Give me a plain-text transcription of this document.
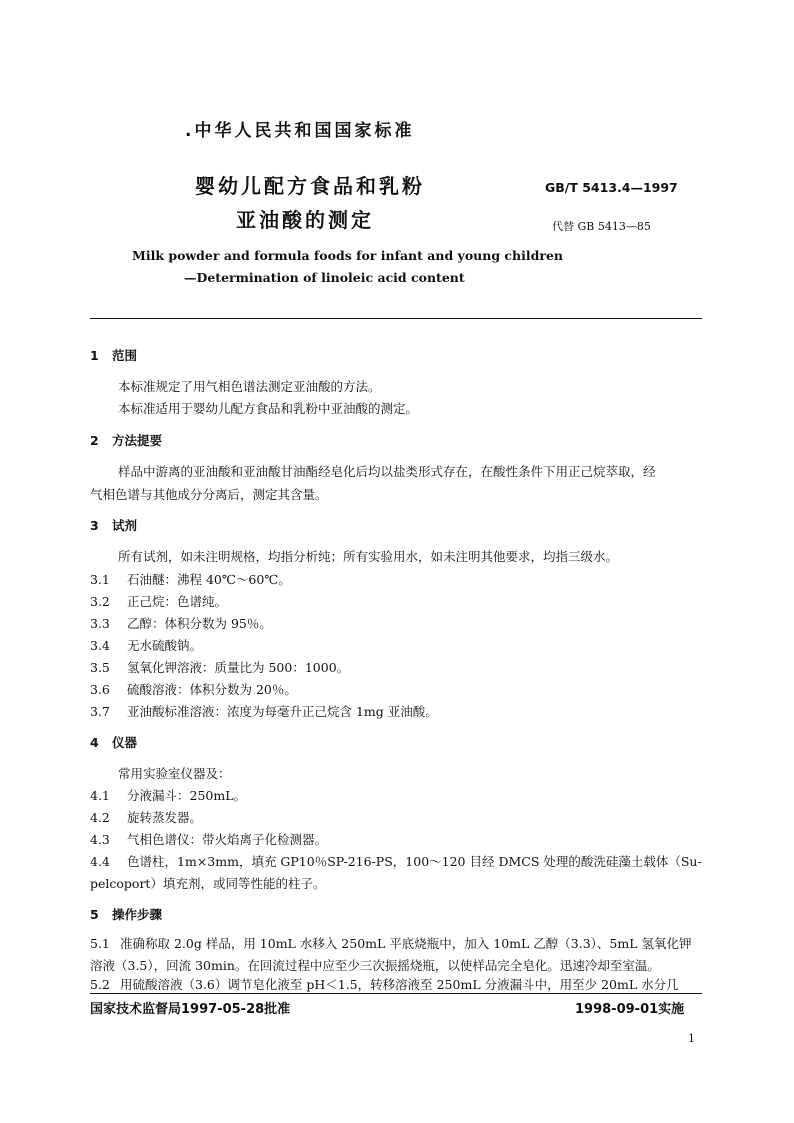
.中华人民共和国国家标准
婴幼儿配方食品和乳粉
亚油酸的测定
GB/T 5413.4—1997
代替 GB 5413—85
Milk powder and formula foods for infant and young children
—Determination of linoleic acid content
1 范围
本标准规定了用气相色谱法测定亚油酸的方法。
本标准适用于婴幼儿配方食品和乳粉中亚油酸的测定。
2 方法提要
样品中游离的亚油酸和亚油酸甘油酯经皂化后均以盐类形式存在，在酸性条件下用正己烷萃取，经
气相色谱与其他成分分离后，测定其含量。
3 试剂
所有试剂，如未注明规格，均指分析纯；所有实验用水，如未注明其他要求，均指三级水。
3.1 石油醚：沸程 40℃～60℃。
3.2 正己烷：色谱纯。
3.3 乙醇：体积分数为 95％。
3.4 无水硫酸钠。
3.5 氢氧化钾溶液：质量比为 500：1000。
3.6 硫酸溶液：体积分数为 20％。
3.7 亚油酸标准溶液：浓度为每毫升正己烷含 1mg 亚油酸。
4 仪器
常用实验室仪器及：
4.1 分液漏斗：250mL。
4.2 旋转蒸发器。
4.3 气相色谱仪：带火焰离子化检测器。
4.4 色谱柱，1m×3mm，填充 GP10％SP-216-PS，100～120 目经 DMCS 处理的酸洗硅藻土载体（Su-
pelcoport）填充剂，或同等性能的柱子。
5 操作步骤
5.1 准确称取 2.0g 样品，用 10mL 水移入 250mL 平底烧瓶中，加入 10mL 乙醇（3.3）、5mL 氢氧化钾
溶液（3.5），回流 30min。在回流过程中应至少三次振摇烧瓶，以使样品完全皂化。迅速冷却至室温。
5.2 用硫酸溶液（3.6）调节皂化液至 pH＜1.5，转移溶液至 250mL 分液漏斗中，用至少 20mL 水分几
国家技术监督局1997-05-28批准	1998-09-01实施
1
